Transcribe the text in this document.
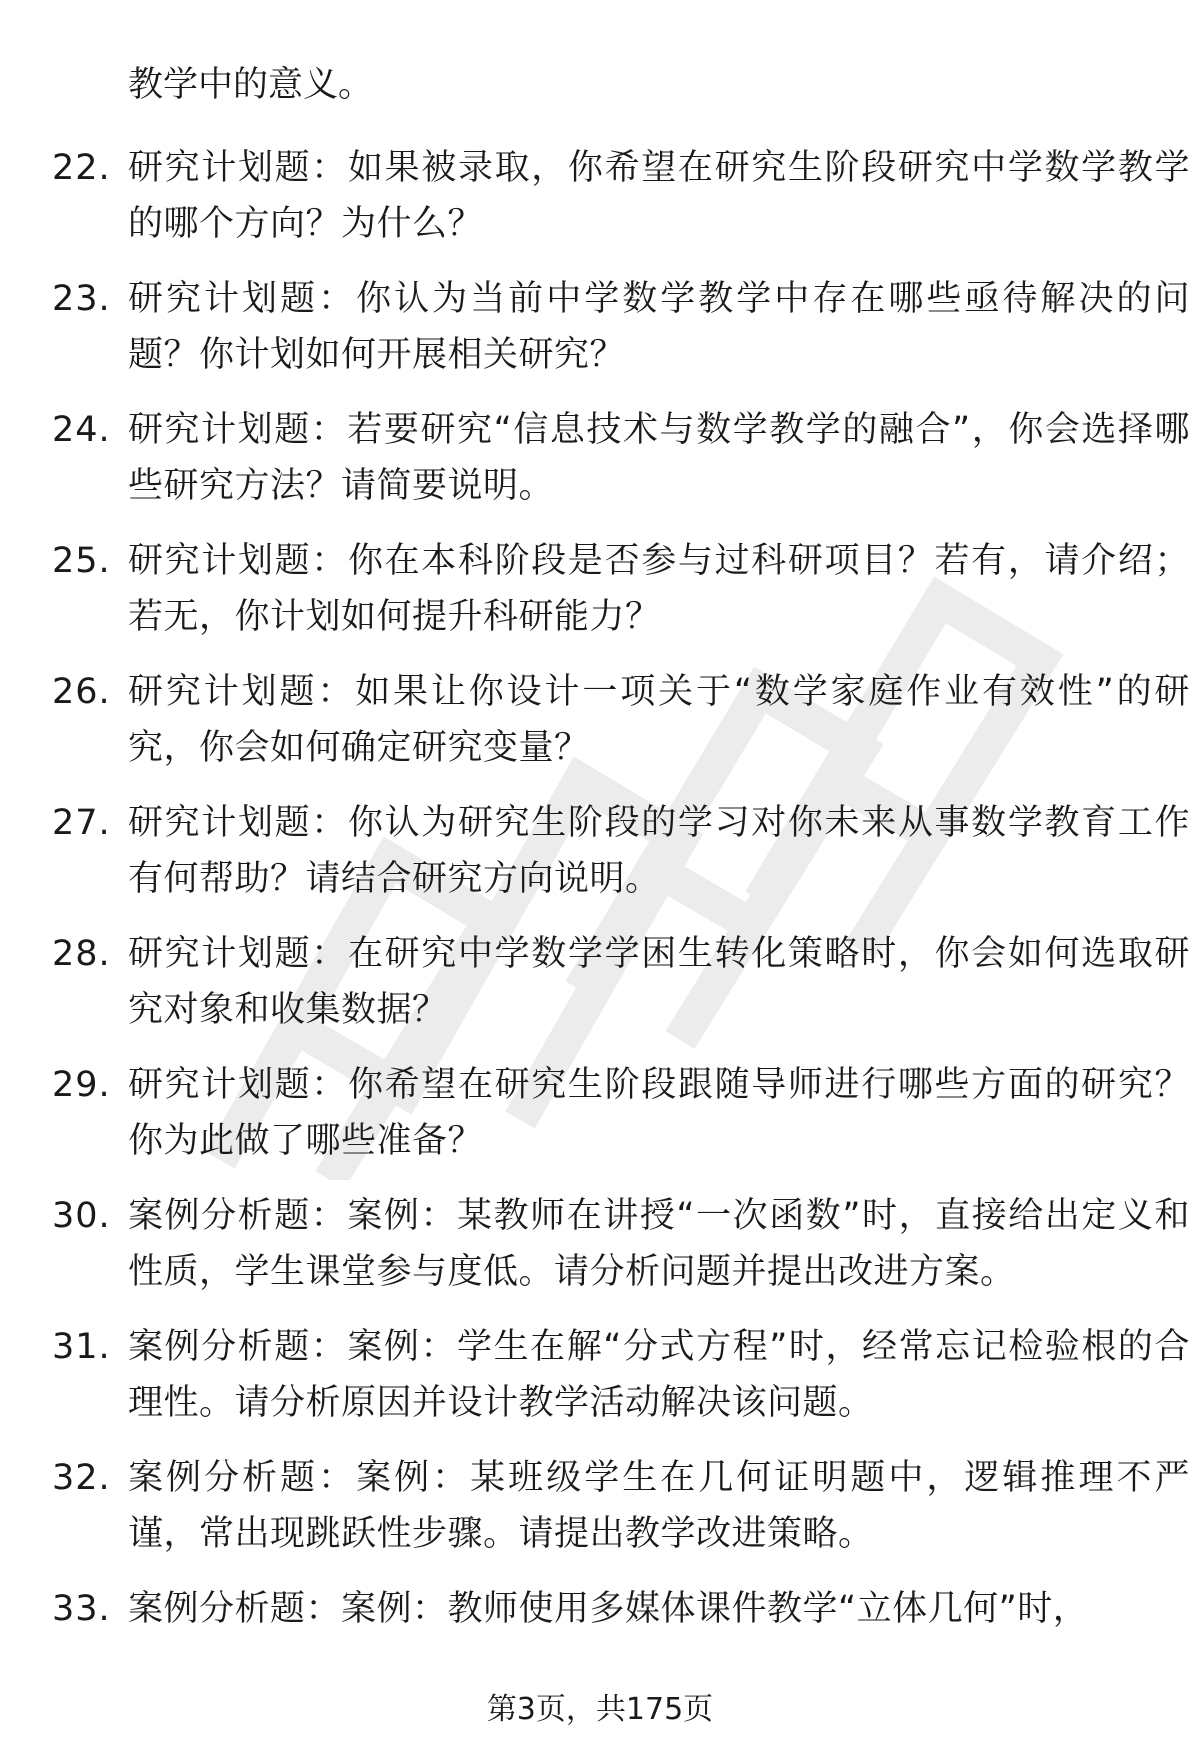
教学中的意义。

22. 研究计划题：如果被录取，你希望在研究生阶段研究中学数学教学的哪个方向？为什么？
23. 研究计划题：你认为当前中学数学教学中存在哪些亟待解决的问题？你计划如何开展相关研究？
24. 研究计划题：若要研究“信息技术与数学教学的融合”，你会选择哪些研究方法？请简要说明。
25. 研究计划题：你在本科阶段是否参与过科研项目？若有，请介绍；若无，你计划如何提升科研能力？
26. 研究计划题：如果让你设计一项关于“数学家庭作业有效性”的研究，你会如何确定研究变量？
27. 研究计划题：你认为研究生阶段的学习对你未来从事数学教育工作有何帮助？请结合研究方向说明。
28. 研究计划题：在研究中学数学学困生转化策略时，你会如何选取研究对象和收集数据？
29. 研究计划题：你希望在研究生阶段跟随导师进行哪些方面的研究？你为此做了哪些准备？
30. 案例分析题：案例：某教师在讲授“一次函数”时，直接给出定义和性质，学生课堂参与度低。请分析问题并提出改进方案。
31. 案例分析题：案例：学生在解“分式方程”时，经常忘记检验根的合理性。请分析原因并设计教学活动解决该问题。
32. 案例分析题：案例：某班级学生在几何证明题中，逻辑推理不严谨，常出现跳跃性步骤。请提出教学改进策略。
33. 案例分析题：案例：教师使用多媒体课件教学“立体几何”时，
第3页，共175页
